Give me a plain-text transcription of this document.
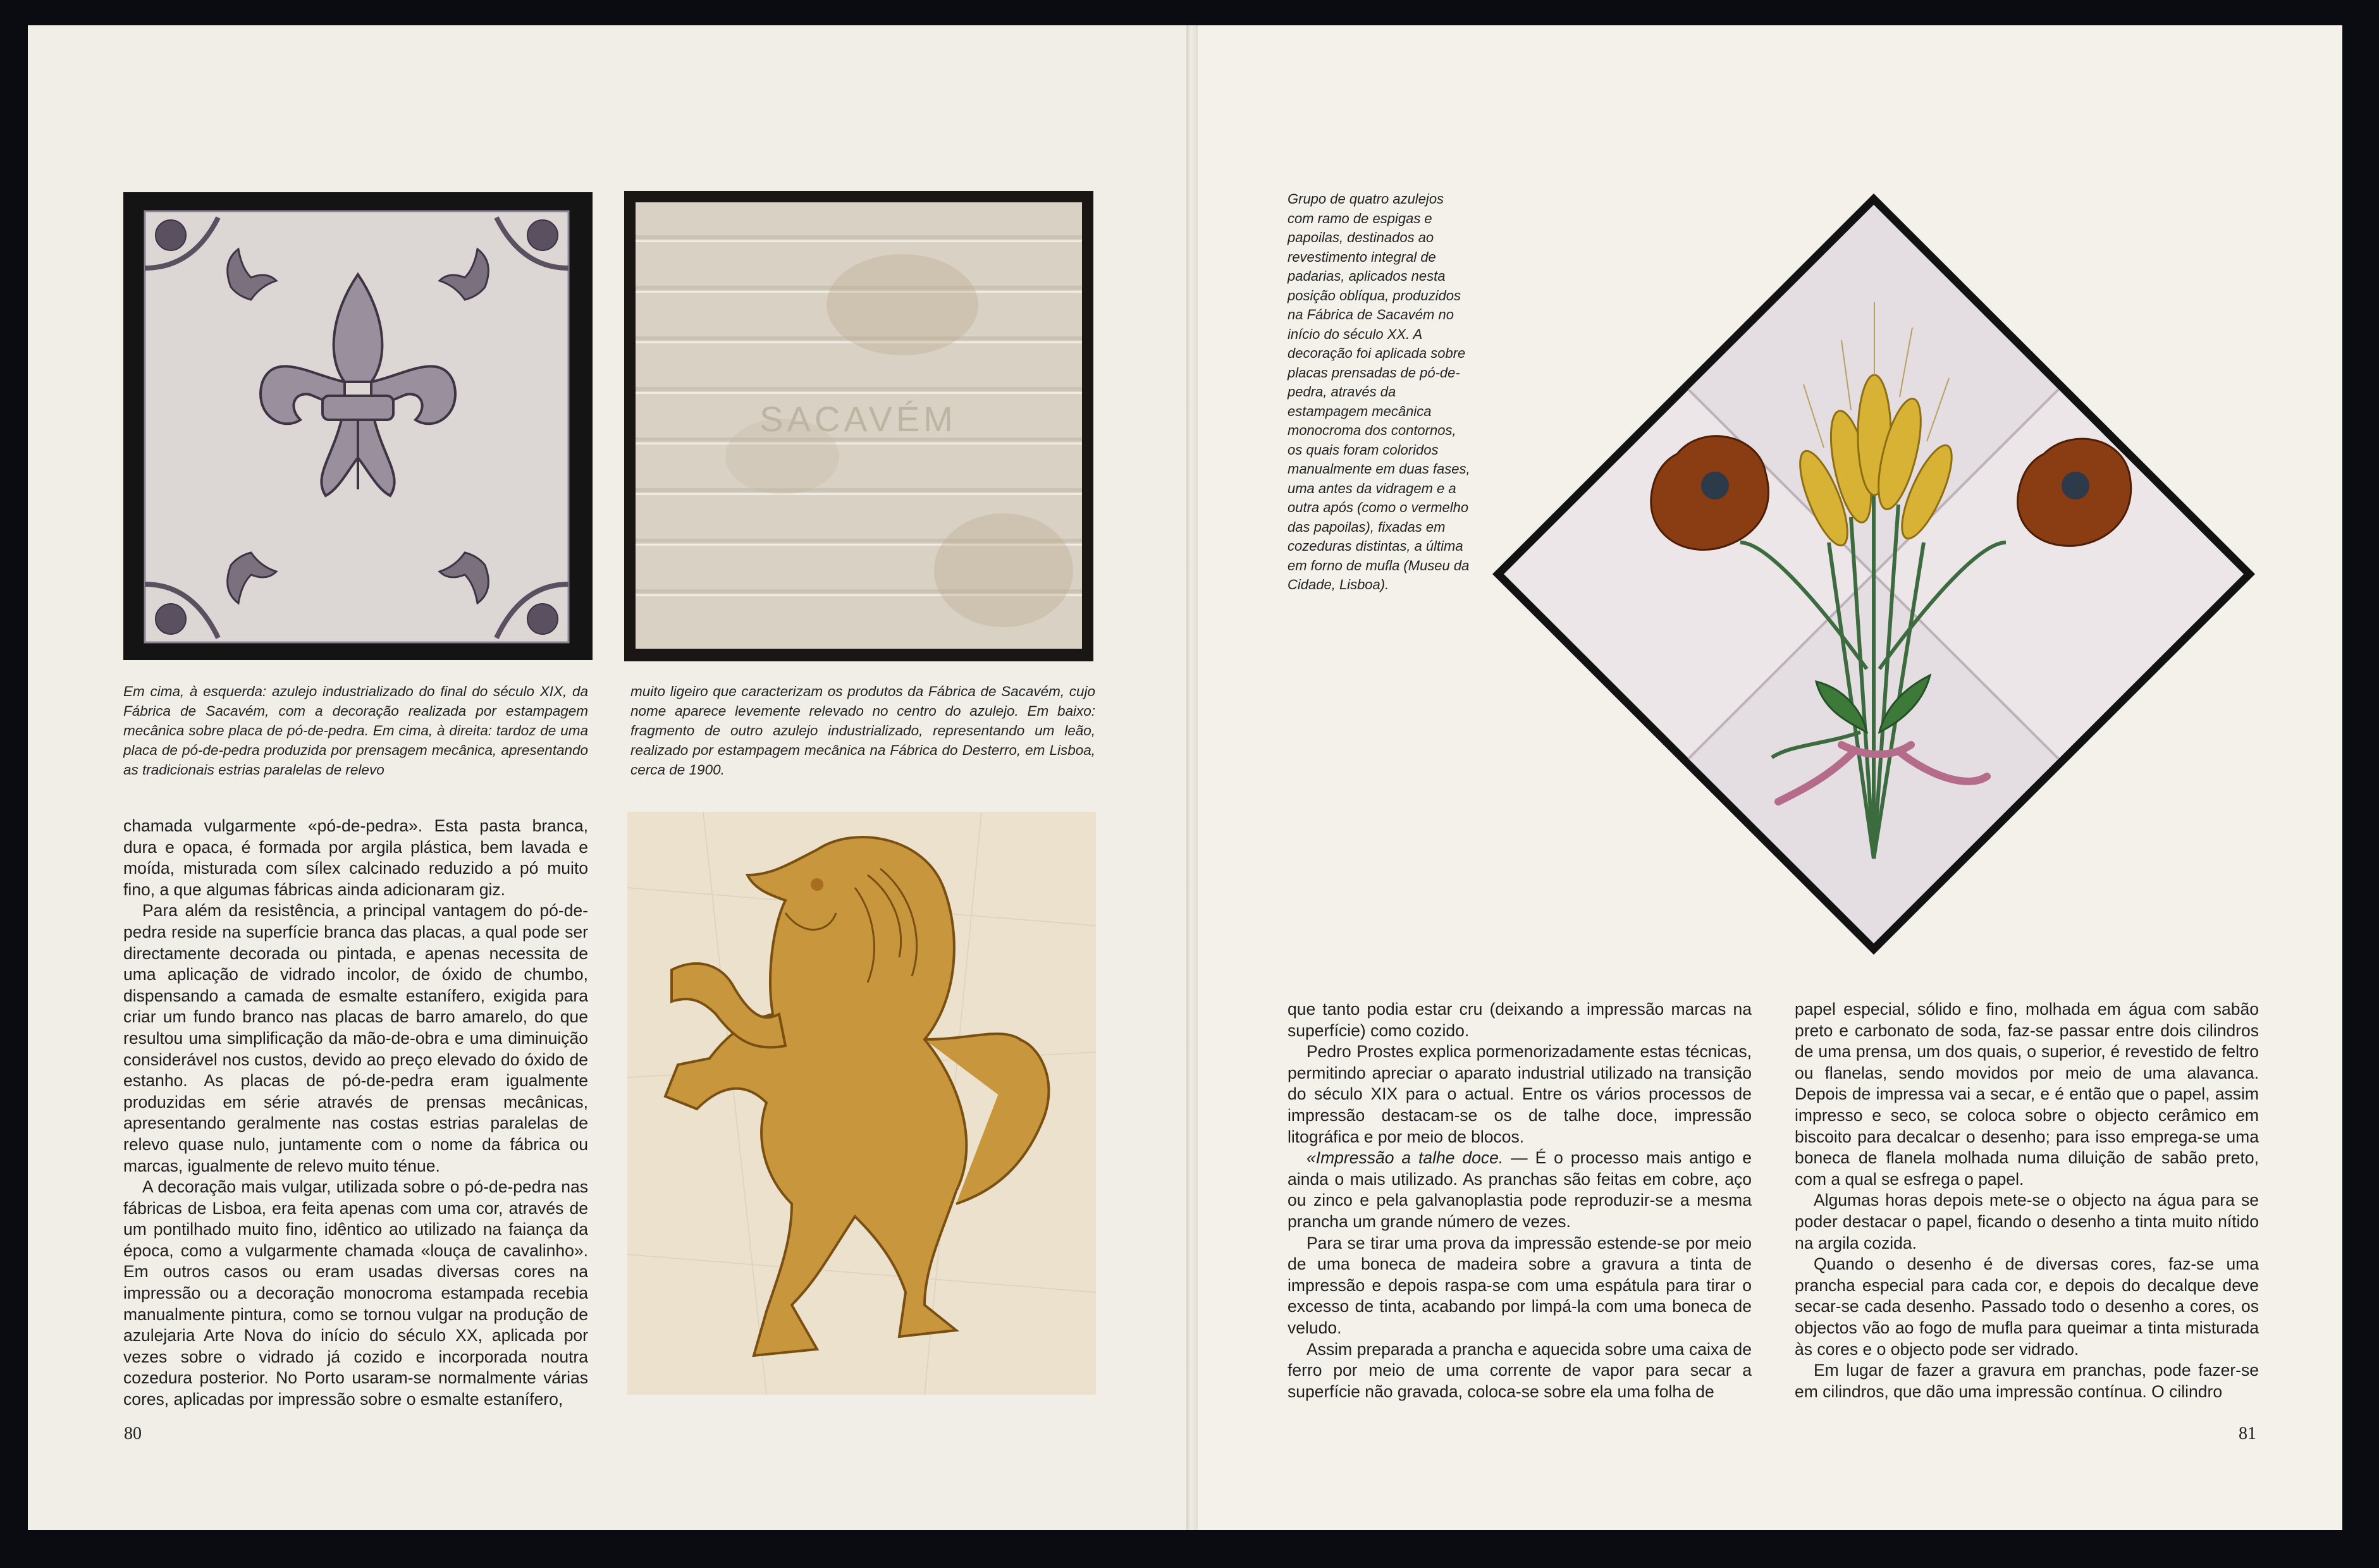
SACAVÉM

Em cima, à esquerda: azulejo industrializado do final do século XIX, da Fábrica de Sacavém, com a decoração realizada por estampagem mecânica sobre placa de pó-de-pedra. Em cima, à direita: tardoz de uma placa de pó-de-pedra produzida por prensagem mecânica, apresentando as tradicionais estrias paralelas de relevo

muito ligeiro que caracterizam os produtos da Fábrica de Sacavém, cujo nome aparece levemente relevado no centro do azulejo. Em baixo: fragmento de outro azulejo industrializado, representando um leão, realizado por estampagem mecânica na Fábrica do Desterro, em Lisboa, cerca de 1900.

chamada vulgarmente «pó-de-pedra». Esta pasta branca, dura e opaca, é formada por argila plástica, bem lavada e moída, misturada com sílex calcinado reduzido a pó muito fino, a que algumas fábricas ainda adicionaram giz.

Para além da resistência, a principal vantagem do pó-de-pedra reside na superfície branca das placas, a qual pode ser directamente decorada ou pintada, e apenas necessita de uma aplicação de vidrado incolor, de óxido de chumbo, dispensando a camada de esmalte estanífero, exigida para criar um fundo branco nas placas de barro amarelo, do que resultou uma simplificação da mão-de-obra e uma diminuição considerável nos custos, devido ao preço elevado do óxido de estanho. As placas de pó-de-pedra eram igualmente produzidas em série através de prensas mecânicas, apresentando geralmente nas costas estrias paralelas de relevo quase nulo, juntamente com o nome da fábrica ou marcas, igualmente de relevo muito ténue.

A decoração mais vulgar, utilizada sobre o pó-de-pedra nas fábricas de Lisboa, era feita apenas com uma cor, através de um pontilhado muito fino, idêntico ao utilizado na faiança da época, como a vulgarmente chamada «louça de cavalinho». Em outros casos ou eram usadas diversas cores na impressão ou a decoração monocroma estampada recebia manualmente pintura, como se tornou vulgar na produção de azulejaria Arte Nova do início do século XX, aplicada por vezes sobre o vidrado já cozido e incorporada noutra cozedura posterior. No Porto usaram-se normalmente várias cores, aplicadas por impressão sobre o esmalte estanífero,

80

Grupo de quatro azulejos com ramo de espigas e papoilas, destinados ao revestimento integral de padarias, aplicados nesta posição oblíqua, produzidos na Fábrica de Sacavém no início do século XX. A decoração foi aplicada sobre placas prensadas de pó-de-pedra, através da estampagem mecânica monocroma dos contornos, os quais foram coloridos manualmente em duas fases, uma antes da vidragem e a outra após (como o vermelho das papoilas), fixadas em cozeduras distintas, a última em forno de mufla (Museu da Cidade, Lisboa).

que tanto podia estar cru (deixando a impressão marcas na superfície) como cozido.

Pedro Prostes explica pormenorizadamente estas técnicas, permitindo apreciar o aparato industrial utilizado na transição do século XIX para o actual. Entre os vários processos de impressão destacam-se os de talhe doce, impressão litográfica e por meio de blocos.

«Impressão a talhe doce. — É o processo mais antigo e ainda o mais utilizado. As pranchas são feitas em cobre, aço ou zinco e pela galvanoplastia pode reproduzir-se a mesma prancha um grande número de vezes.

Para se tirar uma prova da impressão estende-se por meio de uma boneca de madeira sobre a gravura a tinta de impressão e depois raspa-se com uma espátula para tirar o excesso de tinta, acabando por limpá-la com uma boneca de veludo.

Assim preparada a prancha e aquecida sobre uma caixa de ferro por meio de uma corrente de vapor para secar a superfície não gravada, coloca-se sobre ela uma folha de

papel especial, sólido e fino, molhada em água com sabão preto e carbonato de soda, faz-se passar entre dois cilindros de uma prensa, um dos quais, o superior, é revestido de feltro ou flanelas, sendo movidos por meio de uma alavanca. Depois de impressa vai a secar, e é então que o papel, assim impresso e seco, se coloca sobre o objecto cerâmico em biscoito para decalcar o desenho; para isso emprega-se uma boneca de flanela molhada numa diluição de sabão preto, com a qual se esfrega o papel.

Algumas horas depois mete-se o objecto na água para se poder destacar o papel, ficando o desenho a tinta muito nítido na argila cozida.

Quando o desenho é de diversas cores, faz-se uma prancha especial para cada cor, e depois do decalque deve secar-se cada desenho. Passado todo o desenho a cores, os objectos vão ao fogo de mufla para queimar a tinta misturada às cores e o objecto pode ser vidrado.

Em lugar de fazer a gravura em pranchas, pode fazer-se em cilindros, que dão uma impressão contínua. O cilindro

81
